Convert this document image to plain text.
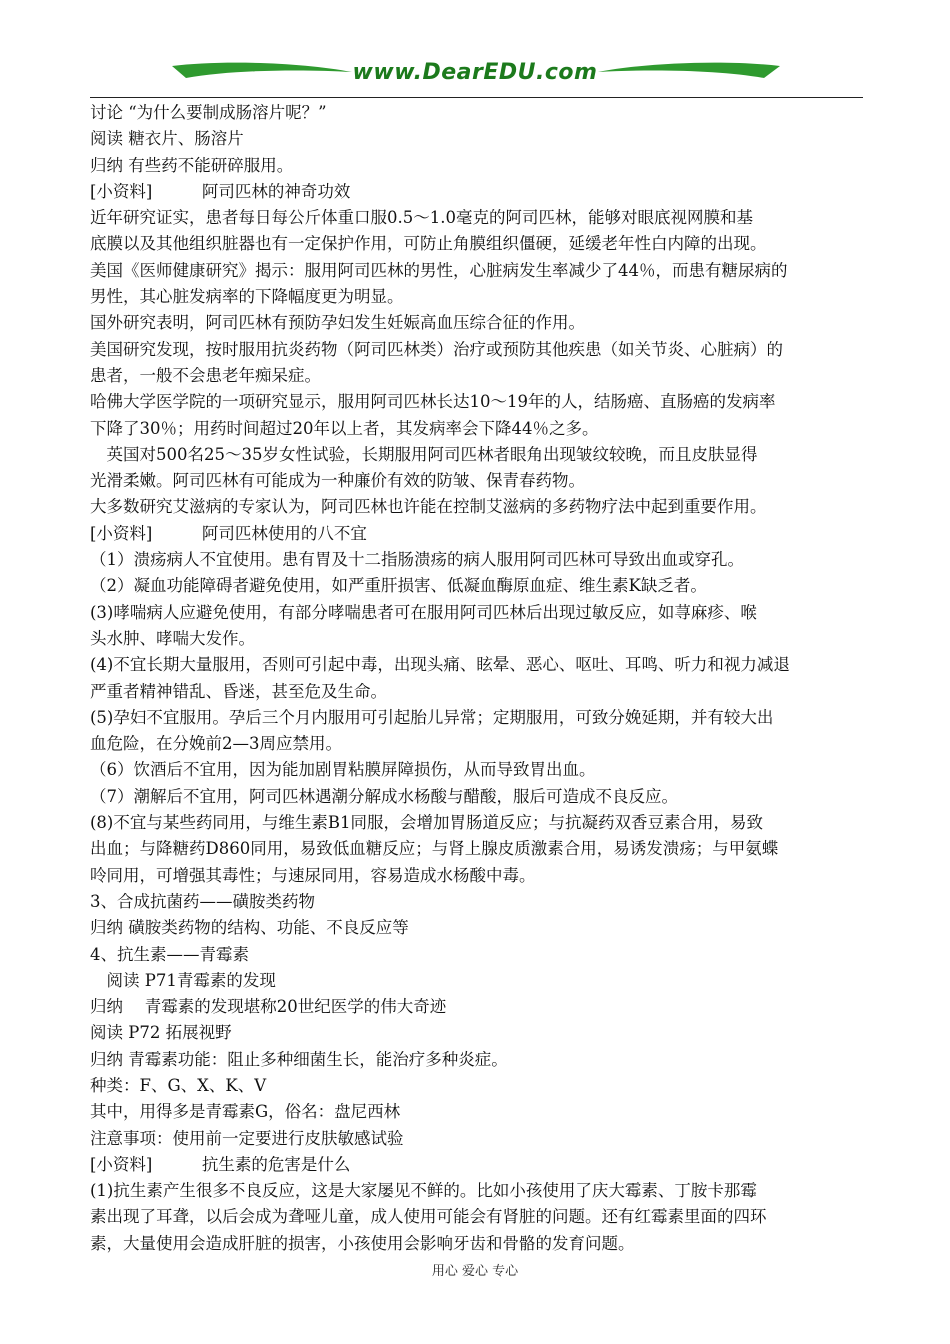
www.DearEDU.com
讨论 “为什么要制成肠溶片呢？”
阅读 糖衣片、肠溶片
归纳 有些药不能研碎服用。
[小资料]　　　阿司匹林的神奇功效
近年研究证实，患者每日每公斤体重口服0.5～1.0毫克的阿司匹林，能够对眼底视网膜和基
底膜以及其他组织脏器也有一定保护作用，可防止角膜组织僵硬，延缓老年性白内障的出现。
美国《医师健康研究》揭示：服用阿司匹林的男性，心脏病发生率减少了44％，而患有糖尿病的
男性，其心脏发病率的下降幅度更为明显。
国外研究表明，阿司匹林有预防孕妇发生妊娠高血压综合征的作用。
美国研究发现，按时服用抗炎药物（阿司匹林类）治疗或预防其他疾患（如关节炎、心脏病）的
患者，一般不会患老年痴呆症。
哈佛大学医学院的一项研究显示，服用阿司匹林长达10～19年的人，结肠癌、直肠癌的发病率
下降了30％；用药时间超过20年以上者，其发病率会下降44％之多。
　英国对500名25～35岁女性试验，长期服用阿司匹林者眼角出现皱纹较晚，而且皮肤显得
光滑柔嫩。阿司匹林有可能成为一种廉价有效的防皱、保青春药物。
大多数研究艾滋病的专家认为，阿司匹林也许能在控制艾滋病的多药物疗法中起到重要作用。
[小资料]　　　阿司匹林使用的八不宜
（1）溃疡病人不宜使用。患有胃及十二指肠溃疡的病人服用阿司匹林可导致出血或穿孔。
（2）凝血功能障碍者避免使用，如严重肝损害、低凝血酶原血症、维生素K缺乏者。
(3)哮喘病人应避免使用，有部分哮喘患者可在服用阿司匹林后出现过敏反应，如荨麻疹、喉
头水肿、哮喘大发作。
(4)不宜长期大量服用，否则可引起中毒，出现头痛、眩晕、恶心、呕吐、耳鸣、听力和视力减退
严重者精神错乱、昏迷，甚至危及生命。
(5)孕妇不宜服用。孕后三个月内服用可引起胎儿异常；定期服用，可致分娩延期，并有较大出
血危险，在分娩前2—3周应禁用。
（6）饮酒后不宜用，因为能加剧胃粘膜屏障损伤，从而导致胃出血。
（7）潮解后不宜用，阿司匹林遇潮分解成水杨酸与醋酸，服后可造成不良反应。
(8)不宜与某些药同用，与维生素B1同服，会增加胃肠道反应；与抗凝药双香豆素合用，易致
出血；与降糖药D860同用，易致低血糖反应；与肾上腺皮质激素合用，易诱发溃疡；与甲氨蝶
呤同用，可增强其毒性；与速尿同用，容易造成水杨酸中毒。
3、合成抗菌药——磺胺类药物
归纳 磺胺类药物的结构、功能、不良反应等
4、抗生素——青霉素
　阅读 P71青霉素的发现
归纳 　青霉素的发现堪称20世纪医学的伟大奇迹
阅读 P72 拓展视野
归纳 青霉素功能：阻止多种细菌生长，能治疗多种炎症。
种类：F、G、X、K、V
其中，用得多是青霉素G，俗名：盘尼西林
注意事项：使用前一定要进行皮肤敏感试验
[小资料]　　　抗生素的危害是什么
(1)抗生素产生很多不良反应，这是大家屡见不鲜的。比如小孩使用了庆大霉素、丁胺卡那霉
素出现了耳聋，以后会成为聋哑儿童，成人使用可能会有肾脏的问题。还有红霉素里面的四环
素，大量使用会造成肝脏的损害，小孩使用会影响牙齿和骨骼的发育问题。
用心 爱心 专心
